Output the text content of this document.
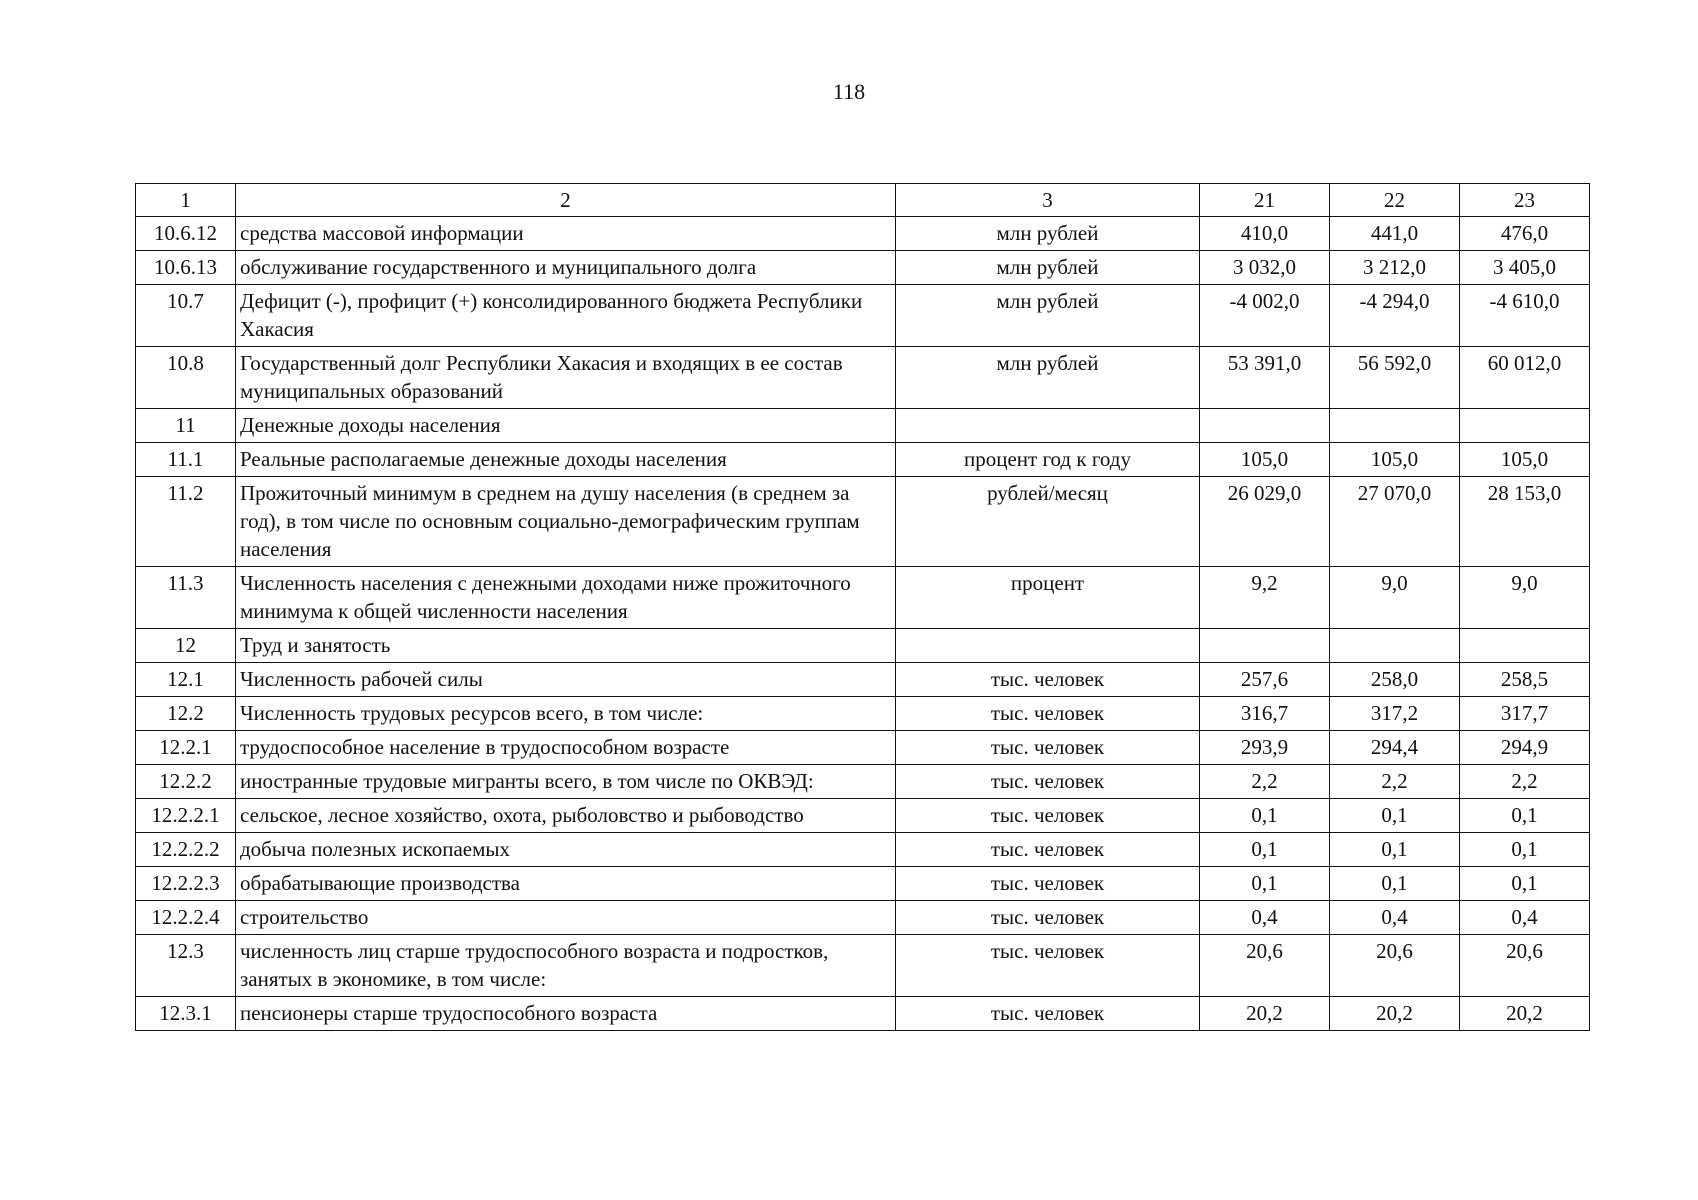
118
1	2	3	21	22	23
10.6.12	средства массовой информации	млн рублей	410,0	441,0	476,0
10.6.13	обслуживание государственного и муниципального долга	млн рублей	3 032,0	3 212,0	3 405,0
10.7	Дефицит (-), профицит (+) консолидированного бюджета Республики Хакасия	млн рублей	-4 002,0	-4 294,0	-4 610,0
10.8	Государственный долг Республики Хакасия и входящих в ее состав муниципальных образований	млн рублей	53 391,0	56 592,0	60 012,0
11	Денежные доходы населения				
11.1	Реальные располагаемые денежные доходы населения	процент год к году	105,0	105,0	105,0
11.2	Прожиточный минимум в среднем на душу населения (в среднем за год), в том числе по основным социально-демографическим группам населения	рублей/месяц	26 029,0	27 070,0	28 153,0
11.3	Численность населения с денежными доходами ниже прожиточного минимума к общей численности населения	процент	9,2	9,0	9,0
12	Труд и занятость				
12.1	Численность рабочей силы	тыс. человек	257,6	258,0	258,5
12.2	Численность трудовых ресурсов всего, в том числе:	тыс. человек	316,7	317,2	317,7
12.2.1	трудоспособное население в трудоспособном возрасте	тыс. человек	293,9	294,4	294,9
12.2.2	иностранные трудовые мигранты всего, в том числе по ОКВЭД:	тыс. человек	2,2	2,2	2,2
12.2.2.1	сельское, лесное хозяйство, охота, рыболовство и рыбоводство	тыс. человек	0,1	0,1	0,1
12.2.2.2	добыча полезных ископаемых	тыс. человек	0,1	0,1	0,1
12.2.2.3	обрабатывающие производства	тыс. человек	0,1	0,1	0,1
12.2.2.4	строительство	тыс. человек	0,4	0,4	0,4
12.3	численность лиц старше трудоспособного возраста и подростков, занятых в экономике, в том числе:	тыс. человек	20,6	20,6	20,6
12.3.1	пенсионеры старше трудоспособного возраста	тыс. человек	20,2	20,2	20,2
